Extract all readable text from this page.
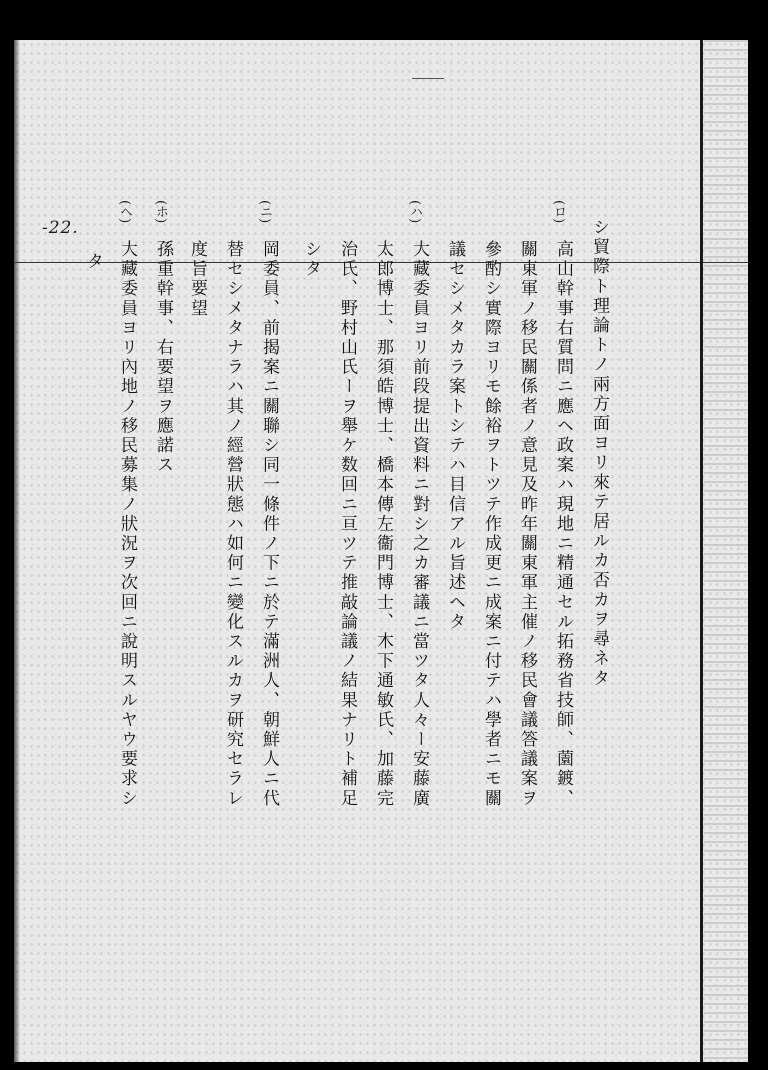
-22.
(ロ)
(ハ)
(ニ)
(ホ)
(ヘ)
シ貿際ト理論トノ兩方面ヨリ來テ居ルカ否カヲ尋ネタ
高山幹事右質問ニ應ヘ政案ハ現地ニ精通セル拓務省技師、薗鍍、
關東軍ノ移民關係者ノ意見及昨年關東軍主催ノ移民會議答議案ヲ
參酌シ實際ヨリモ餘裕ヲトツテ作成更ニ成案ニ付テハ學者ニモ關
議セシメタカラ案トシテハ目信アル旨述ヘタ
大藏委員ヨリ前段提出資料ニ對シ之カ審議ニ當ツタ人々ー安藤廣
太郎博士、那須皓博士、橋本傳左衞門博士、木下通敏氏、加藤完
治氏、野村山氏ーヲ舉ケ数回ニ亘ツテ推敲論議ノ結果ナリト補足
シタ
岡委員、前揭案ニ關聯シ同一條件ノ下ニ於テ滿洲人、朝鮮人ニ代
替セシメタナラハ其ノ經營狀態ハ如何ニ變化スルカヲ研究セラレ
度旨要望
孫重幹事、右要望ヲ應諾ス
大藏委員ヨリ內地ノ移民募集ノ狀況ヲ次回ニ說明スルヤウ要求シ
タ
